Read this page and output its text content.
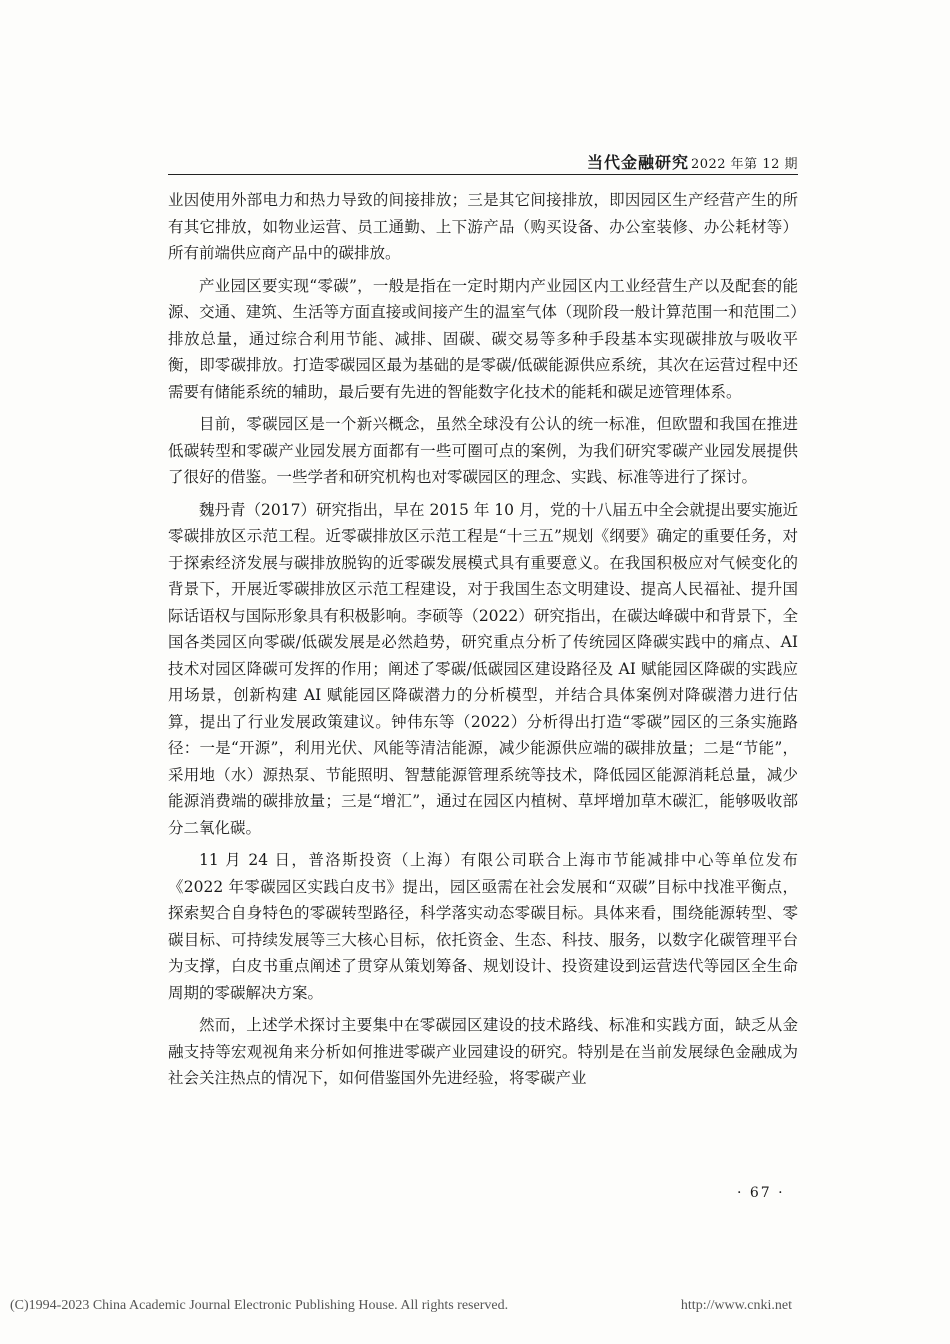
当代金融研究 2022 年第 12 期

业因使用外部电力和热力导致的间接排放；三是其它间接排放，即因园区生产经营产生的所有其它排放，如物业运营、员工通勤、上下游产品（购买设备、办公室装修、办公耗材等）所有前端供应商产品中的碳排放。

产业园区要实现“零碳”，一般是指在一定时期内产业园区内工业经营生产以及配套的能源、交通、建筑、生活等方面直接或间接产生的温室气体（现阶段一般计算范围一和范围二）排放总量，通过综合利用节能、减排、固碳、碳交易等多种手段基本实现碳排放与吸收平衡，即零碳排放。打造零碳园区最为基础的是零碳/低碳能源供应系统，其次在运营过程中还需要有储能系统的辅助，最后要有先进的智能数字化技术的能耗和碳足迹管理体系。

目前，零碳园区是一个新兴概念，虽然全球没有公认的统一标准，但欧盟和我国在推进低碳转型和零碳产业园发展方面都有一些可圈可点的案例，为我们研究零碳产业园发展提供了很好的借鉴。一些学者和研究机构也对零碳园区的理念、实践、标准等进行了探讨。

魏丹青（2017）研究指出，早在 2015 年 10 月，党的十八届五中全会就提出要实施近零碳排放区示范工程。近零碳排放区示范工程是“十三五”规划《纲要》确定的重要任务，对于探索经济发展与碳排放脱钩的近零碳发展模式具有重要意义。在我国积极应对气候变化的背景下，开展近零碳排放区示范工程建设，对于我国生态文明建设、提高人民福祉、提升国际话语权与国际形象具有积极影响。李硕等（2022）研究指出，在碳达峰碳中和背景下，全国各类园区向零碳/低碳发展是必然趋势，研究重点分析了传统园区降碳实践中的痛点、AI 技术对园区降碳可发挥的作用；阐述了零碳/低碳园区建设路径及 AI 赋能园区降碳的实践应用场景，创新构建 AI 赋能园区降碳潜力的分析模型，并结合具体案例对降碳潜力进行估算，提出了行业发展政策建议。钟伟东等（2022）分析得出打造“零碳”园区的三条实施路径：一是“开源”，利用光伏、风能等清洁能源，减少能源供应端的碳排放量；二是“节能”，采用地（水）源热泵、节能照明、智慧能源管理系统等技术，降低园区能源消耗总量，减少能源消费端的碳排放量；三是“增汇”，通过在园区内植树、草坪增加草木碳汇，能够吸收部分二氧化碳。

11 月 24 日，普洛斯投资（上海）有限公司联合上海市节能减排中心等单位发布《2022 年零碳园区实践白皮书》提出，园区亟需在社会发展和“双碳”目标中找准平衡点，探索契合自身特色的零碳转型路径，科学落实动态零碳目标。具体来看，围绕能源转型、零碳目标、可持续发展等三大核心目标，依托资金、生态、科技、服务，以数字化碳管理平台为支撑，白皮书重点阐述了贯穿从策划筹备、规划设计、投资建设到运营迭代等园区全生命周期的零碳解决方案。

然而，上述学术探讨主要集中在零碳园区建设的技术路线、标准和实践方面，缺乏从金融支持等宏观视角来分析如何推进零碳产业园建设的研究。特别是在当前发展绿色金融成为社会关注热点的情况下，如何借鉴国外先进经验，将零碳产业

· 67 ·
(C)1994-2023 China Academic Journal Electronic Publishing House. All rights reserved.	http://www.cnki.net
